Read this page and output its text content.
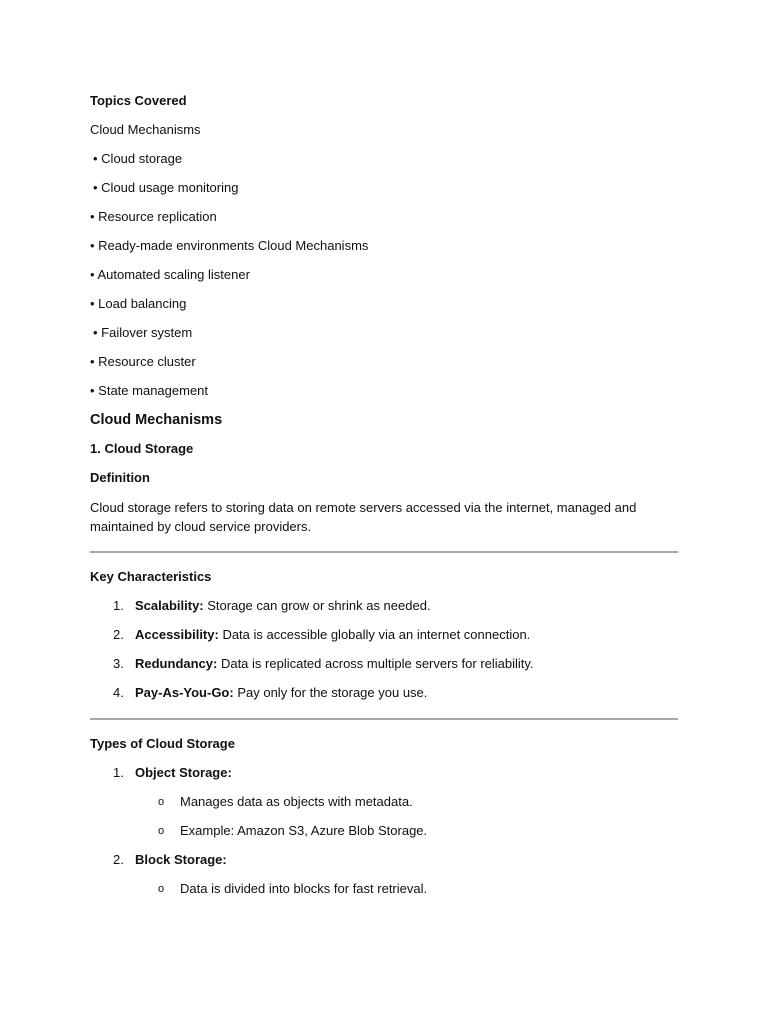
Topics Covered
Cloud Mechanisms
• Cloud storage
• Cloud usage monitoring
• Resource replication
• Ready-made environments Cloud Mechanisms
• Automated scaling listener
• Load balancing
• Failover system
• Resource cluster
• State management
Cloud Mechanisms
1. Cloud Storage
Definition
Cloud storage refers to storing data on remote servers accessed via the internet, managed and maintained by cloud service providers.
Key Characteristics
1. Scalability: Storage can grow or shrink as needed.
2. Accessibility: Data is accessible globally via an internet connection.
3. Redundancy: Data is replicated across multiple servers for reliability.
4. Pay-As-You-Go: Pay only for the storage you use.
Types of Cloud Storage
1. Object Storage:
o Manages data as objects with metadata.
o Example: Amazon S3, Azure Blob Storage.
2. Block Storage:
o Data is divided into blocks for fast retrieval.
